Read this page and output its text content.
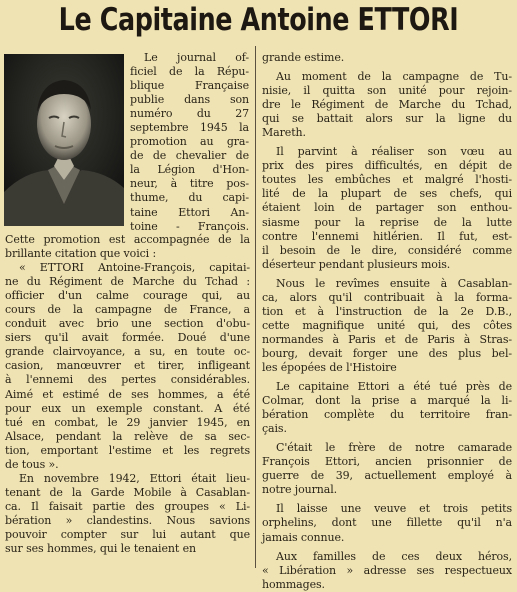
Le Capitaine Antoine ETTORI

Le journal of-

ficiel de la Répu-

blique Française

publie dans son

numéro du 27

septembre 1945 la

promotion au gra-

de de chevalier de

la Légion d'Hon-

neur, à titre pos-

thume, du capi-

taine Ettori An-

toine - François.

Cette promotion est accompagnée de la

brillante citation que voici :

« ETTORI Antoine-François, capitai-

ne du Régiment de Marche du Tchad :

officier d'un calme courage qui, au

cours de la campagne de France, a

conduit avec brio une section d'obu-

siers qu'il avait formée. Doué d'une

grande clairvoyance, a su, en toute oc-

casion, manœuvrer et tirer, infligeant

à l'ennemi des pertes considérables.

Aimé et estimé de ses hommes, a été

pour eux un exemple constant. A été

tué en combat, le 29 janvier 1945, en

Alsace, pendant la relève de sa sec-

tion, emportant l'estime et les regrets

de tous ».

En novembre 1942, Ettori était lieu-

tenant de la Garde Mobile à Casablan-

ca. Il faisait partie des groupes « Li-

bération » clandestins. Nous savions

pouvoir compter sur lui autant que

sur ses hommes, qui le tenaient en

grande estime.

Au moment de la campagne de Tu-

nisie, il quitta son unité pour rejoin-

dre le Régiment de Marche du Tchad,

qui se battait alors sur la ligne du

Mareth.

Il parvint à réaliser son vœu au

prix des pires difficultés, en dépit de

toutes les embûches et malgré l'hosti-

lité de la plupart de ses chefs, qui

étaient loin de partager son enthou-

siasme pour la reprise de la lutte

contre l'ennemi hitlérien. Il fut, est-

il besoin de le dire, considéré comme

déserteur pendant plusieurs mois.

Nous le revîmes ensuite à Casablan-

ca, alors qu'il contribuait à la forma-

tion et à l'instruction de la 2e D.B.,

cette magnifique unité qui, des côtes

normandes à Paris et de Paris à Stras-

bourg, devait forger une des plus bel-

les épopées de l'Histoire

Le capitaine Ettori a été tué près de

Colmar, dont la prise a marqué la li-

bération complète du territoire fran-

çais.

C'était le frère de notre camarade

François Ettori, ancien prisonnier de

guerre de 39, actuellement employé à

notre journal.

Il laisse une veuve et trois petits

orphelins, dont une fillette qu'il n'a

jamais connue.

Aux familles de ces deux héros,

« Libération » adresse ses respectueux

hommages.
